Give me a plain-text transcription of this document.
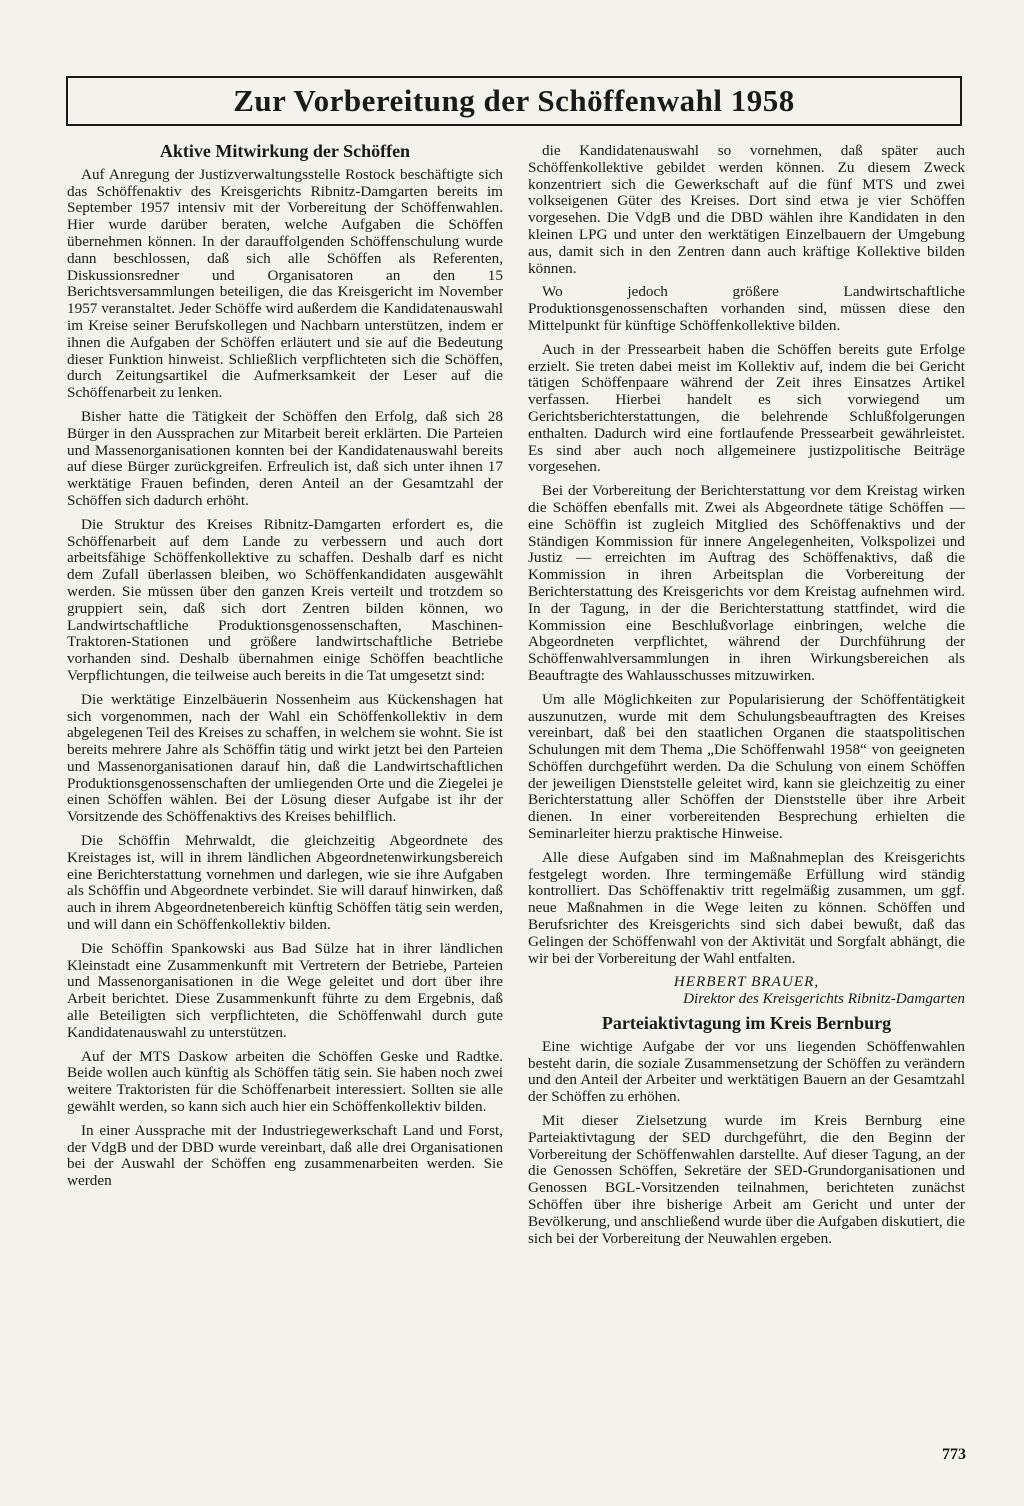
Zur Vorbereitung der Schöffenwahl 1958

Aktive Mitwirkung der Schöffen

Auf Anregung der Justizverwaltungsstelle Rostock beschäftigte sich das Schöffenaktiv des Kreisgerichts Ribnitz-Damgarten bereits im September 1957 intensiv mit der Vorbereitung der Schöffenwahlen. Hier wurde darüber beraten, welche Aufgaben die Schöffen übernehmen können. In der darauffolgenden Schöffenschulung wurde dann beschlossen, daß sich alle Schöffen als Referenten, Diskussionsredner und Organisatoren an den 15 Berichtsversammlungen beteiligen, die das Kreisgericht im November 1957 veranstaltet. Jeder Schöffe wird außerdem die Kandidatenauswahl im Kreise seiner Berufskollegen und Nachbarn unterstützen, indem er ihnen die Aufgaben der Schöffen erläutert und sie auf die Bedeutung dieser Funktion hinweist. Schließlich verpflichteten sich die Schöffen, durch Zeitungsartikel die Aufmerksamkeit der Leser auf die Schöffenarbeit zu lenken.

Bisher hatte die Tätigkeit der Schöffen den Erfolg, daß sich 28 Bürger in den Aussprachen zur Mitarbeit bereit erklärten. Die Parteien und Massenorganisationen konnten bei der Kandidatenauswahl bereits auf diese Bürger zurückgreifen. Erfreulich ist, daß sich unter ihnen 17 werktätige Frauen befinden, deren Anteil an der Gesamtzahl der Schöffen sich dadurch erhöht.

Die Struktur des Kreises Ribnitz-Damgarten erfordert es, die Schöffenarbeit auf dem Lande zu verbessern und auch dort arbeitsfähige Schöffenkollektive zu schaffen. Deshalb darf es nicht dem Zufall überlassen bleiben, wo Schöffenkandidaten ausgewählt werden. Sie müssen über den ganzen Kreis verteilt und trotzdem so gruppiert sein, daß sich dort Zentren bilden können, wo Landwirtschaftliche Produktionsgenossenschaften, Maschinen-Traktoren-Stationen und größere landwirtschaftliche Betriebe vorhanden sind. Deshalb übernahmen einige Schöffen beachtliche Verpflichtungen, die teilweise auch bereits in die Tat umgesetzt sind:

Die werktätige Einzelbäuerin Nossenheim aus Kückenshagen hat sich vorgenommen, nach der Wahl ein Schöffenkollektiv in dem abgelegenen Teil des Kreises zu schaffen, in welchem sie wohnt. Sie ist bereits mehrere Jahre als Schöffin tätig und wirkt jetzt bei den Parteien und Massenorganisationen darauf hin, daß die Landwirtschaftlichen Produktionsgenossenschaften der umliegenden Orte und die Ziegelei je einen Schöffen wählen. Bei der Lösung dieser Aufgabe ist ihr der Vorsitzende des Schöffenaktivs des Kreises behilflich.

Die Schöffin Mehrwaldt, die gleichzeitig Abgeordnete des Kreistages ist, will in ihrem ländlichen Abgeordnetenwirkungsbereich eine Berichterstattung vornehmen und darlegen, wie sie ihre Aufgaben als Schöffin und Abgeordnete verbindet. Sie will darauf hinwirken, daß auch in ihrem Abgeordnetenbereich künftig Schöffen tätig sein werden, und will dann ein Schöffenkollektiv bilden.

Die Schöffin Spankowski aus Bad Sülze hat in ihrer ländlichen Kleinstadt eine Zusammenkunft mit Vertretern der Betriebe, Parteien und Massenorganisationen in die Wege geleitet und dort über ihre Arbeit berichtet. Diese Zusammenkunft führte zu dem Ergebnis, daß alle Beteiligten sich verpflichteten, die Schöffenwahl durch gute Kandidatenauswahl zu unterstützen.

Auf der MTS Daskow arbeiten die Schöffen Geske und Radtke. Beide wollen auch künftig als Schöffen tätig sein. Sie haben noch zwei weitere Traktoristen für die Schöffenarbeit interessiert. Sollten sie alle gewählt werden, so kann sich auch hier ein Schöffenkollektiv bilden.

In einer Aussprache mit der Industriegewerkschaft Land und Forst, der VdgB und der DBD wurde vereinbart, daß alle drei Organisationen bei der Auswahl der Schöffen eng zusammenarbeiten werden. Sie werden

die Kandidatenauswahl so vornehmen, daß später auch Schöffenkollektive gebildet werden können. Zu diesem Zweck konzentriert sich die Gewerkschaft auf die fünf MTS und zwei volkseigenen Güter des Kreises. Dort sind etwa je vier Schöffen vorgesehen. Die VdgB und die DBD wählen ihre Kandidaten in den kleinen LPG und unter den werktätigen Einzelbauern der Umgebung aus, damit sich in den Zentren dann auch kräftige Kollektive bilden können.

Wo jedoch größere Landwirtschaftliche Produktionsgenossenschaften vorhanden sind, müssen diese den Mittelpunkt für künftige Schöffenkollektive bilden.

Auch in der Pressearbeit haben die Schöffen bereits gute Erfolge erzielt. Sie treten dabei meist im Kollektiv auf, indem die bei Gericht tätigen Schöffenpaare während der Zeit ihres Einsatzes Artikel verfassen. Hierbei handelt es sich vorwiegend um Gerichtsberichterstattungen, die belehrende Schlußfolgerungen enthalten. Dadurch wird eine fortlaufende Pressearbeit gewährleistet. Es sind aber auch noch allgemeinere justizpolitische Beiträge vorgesehen.

Bei der Vorbereitung der Berichterstattung vor dem Kreistag wirken die Schöffen ebenfalls mit. Zwei als Abgeordnete tätige Schöffen — eine Schöffin ist zugleich Mitglied des Schöffenaktivs und der Ständigen Kommission für innere Angelegenheiten, Volkspolizei und Justiz — erreichten im Auftrag des Schöffenaktivs, daß die Kommission in ihren Arbeitsplan die Vorbereitung der Berichterstattung des Kreisgerichts vor dem Kreistag aufnehmen wird. In der Tagung, in der die Berichterstattung stattfindet, wird die Kommission eine Beschlußvorlage einbringen, welche die Abgeordneten verpflichtet, während der Durchführung der Schöffenwahlversammlungen in ihren Wirkungsbereichen als Beauftragte des Wahlausschusses mitzuwirken.

Um alle Möglichkeiten zur Popularisierung der Schöffentätigkeit auszunutzen, wurde mit dem Schulungsbeauftragten des Kreises vereinbart, daß bei den staatlichen Organen die staatspolitischen Schulungen mit dem Thema „Die Schöffenwahl 1958“ von geeigneten Schöffen durchgeführt werden. Da die Schulung von einem Schöffen der jeweiligen Dienststelle geleitet wird, kann sie gleichzeitig zu einer Berichterstattung aller Schöffen der Dienststelle über ihre Arbeit dienen. In einer vorbereitenden Besprechung erhielten die Seminarleiter hierzu praktische Hinweise.

Alle diese Aufgaben sind im Maßnahmeplan des Kreisgerichts festgelegt worden. Ihre termingemäße Erfüllung wird ständig kontrolliert. Das Schöffenaktiv tritt regelmäßig zusammen, um ggf. neue Maßnahmen in die Wege leiten zu können. Schöffen und Berufsrichter des Kreisgerichts sind sich dabei bewußt, daß das Gelingen der Schöffenwahl von der Aktivität und Sorgfalt abhängt, die wir bei der Vorbereitung der Wahl entfalten.

HERBERT BRAUER,
Direktor des Kreisgerichts Ribnitz-Damgarten

Parteiaktivtagung im Kreis Bernburg

Eine wichtige Aufgabe der vor uns liegenden Schöffenwahlen besteht darin, die soziale Zusammensetzung der Schöffen zu verändern und den Anteil der Arbeiter und werktätigen Bauern an der Gesamtzahl der Schöffen zu erhöhen.

Mit dieser Zielsetzung wurde im Kreis Bernburg eine Parteiaktivtagung der SED durchgeführt, die den Beginn der Vorbereitung der Schöffenwahlen darstellte. Auf dieser Tagung, an der die Genossen Schöffen, Sekretäre der SED-Grundorganisationen und Genossen BGL-Vorsitzenden teilnahmen, berichteten zunächst Schöffen über ihre bisherige Arbeit am Gericht und unter der Bevölkerung, und anschließend wurde über die Aufgaben diskutiert, die sich bei der Vorbereitung der Neuwahlen ergeben.

773
